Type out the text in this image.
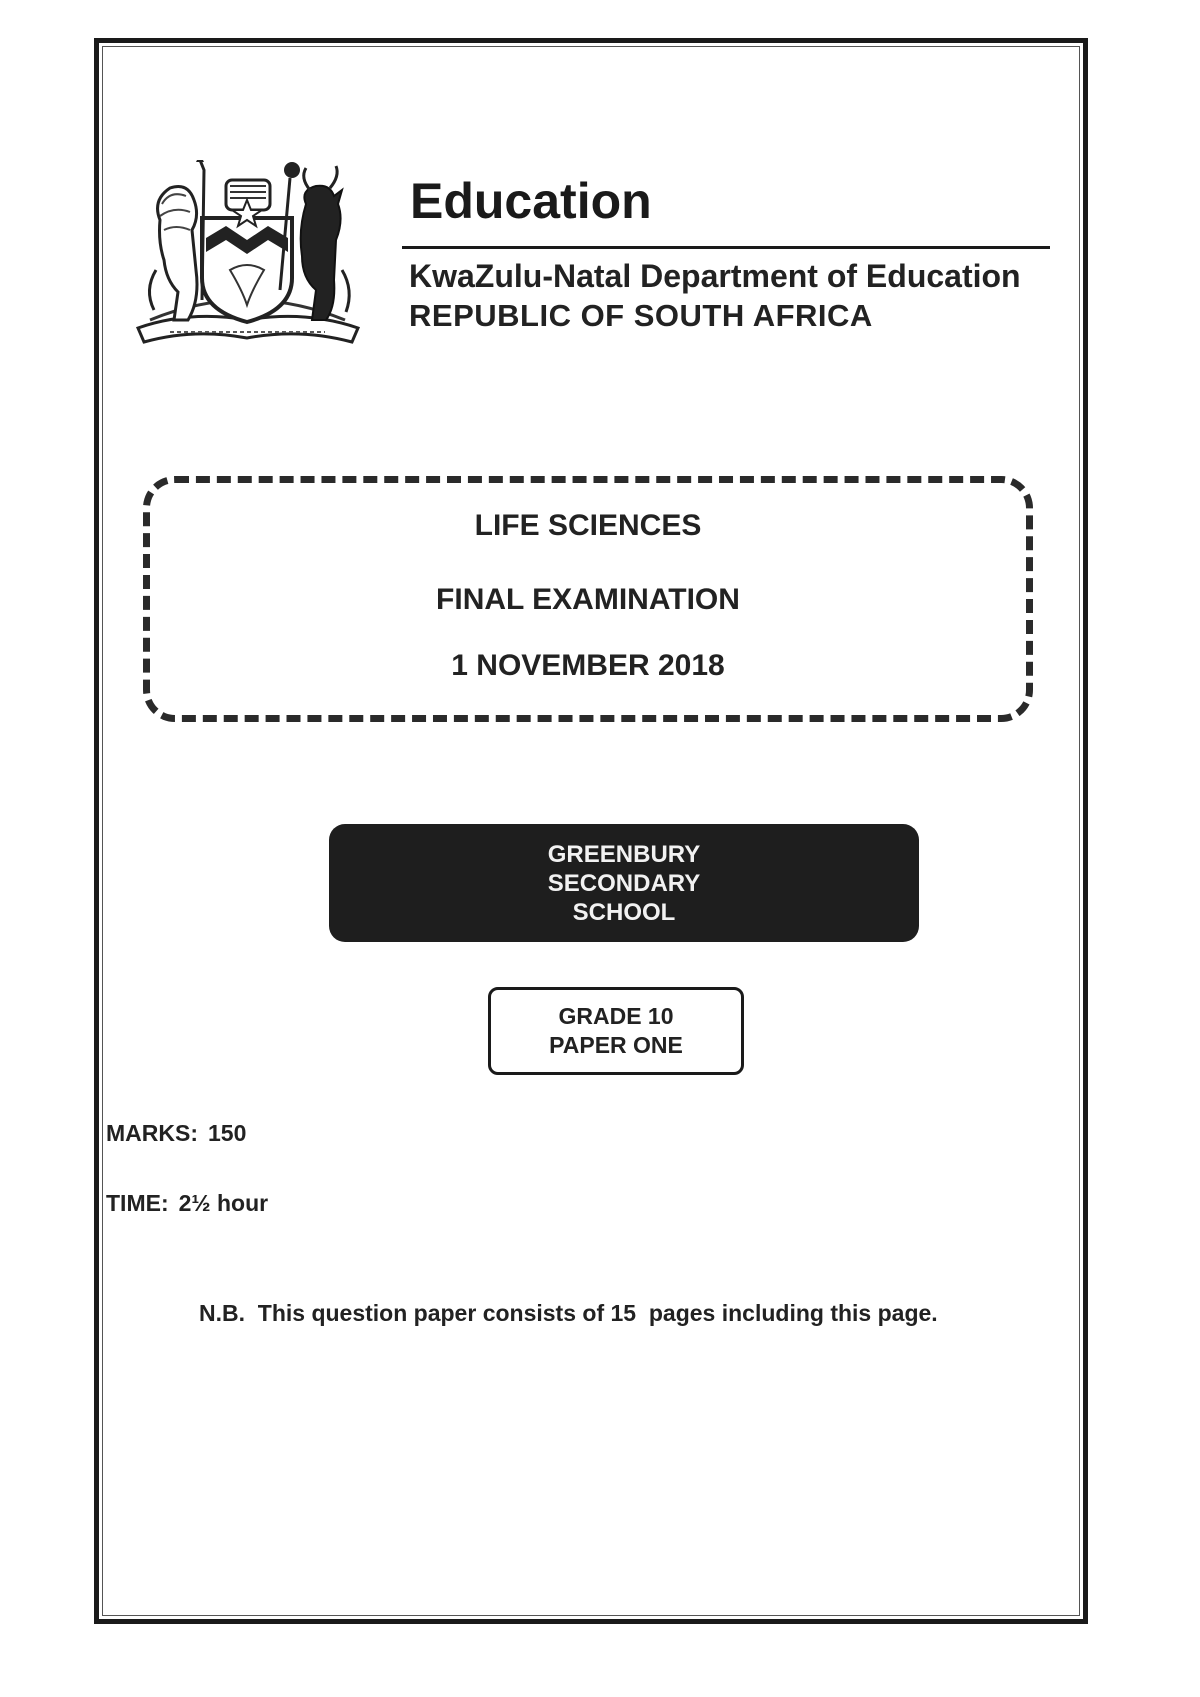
Education
KwaZulu-Natal Department of Education
REPUBLIC OF SOUTH AFRICA
LIFE SCIENCES
FINAL EXAMINATION
1 NOVEMBER 2018
GREENBURY
SECONDARY
SCHOOL
GRADE 10
PAPER ONE
MARKS: 150
TIME: 2½ hour
N.B.  This question paper consists of 15  pages including this page.
